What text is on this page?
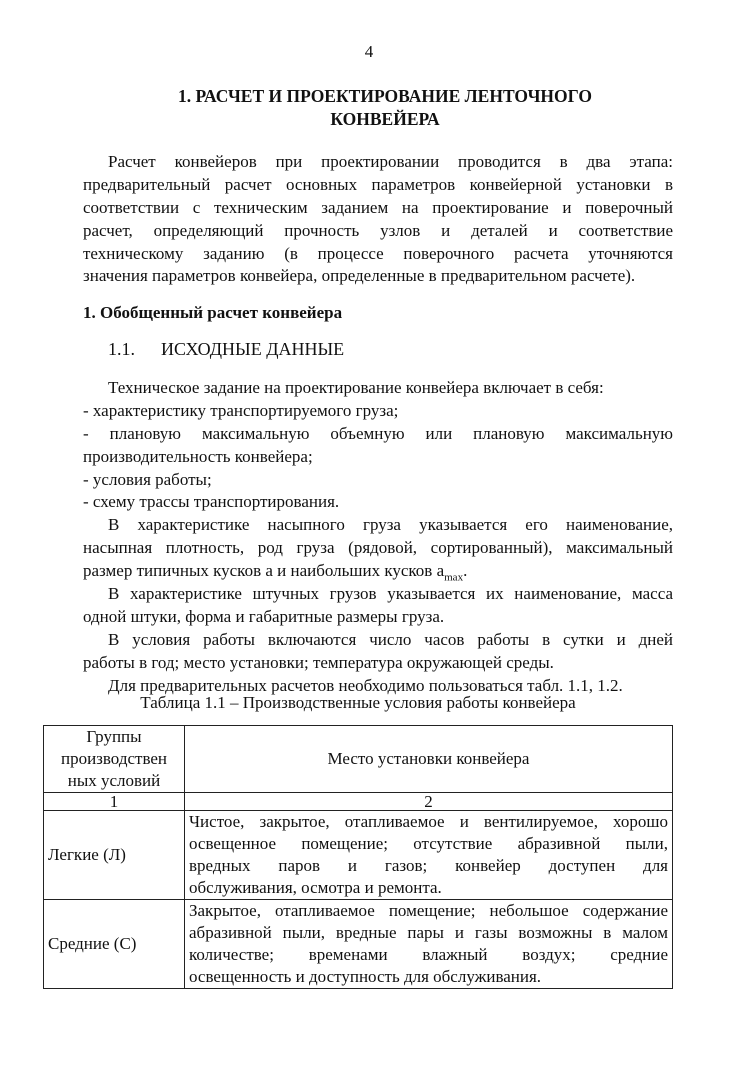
4
1. РАСЧЕТ И ПРОЕКТИРОВАНИЕ ЛЕНТОЧНОГО
КОНВЕЙЕРА
Расчет конвейеров при проектировании проводится в два этапа:
предварительный расчет основных параметров конвейерной установки в
соответствии с техническим заданием на проектирование и поверочный
расчет, определяющий прочность узлов и деталей и соответствие
техническому заданию (в процессе поверочного расчета уточняются
значения параметров конвейера, определенные в предварительном расчете).
1. Обобщенный расчет конвейера
1.1. ИСХОДНЫЕ ДАННЫЕ
Техническое задание на проектирование конвейера включает в себя:
- характеристику транспортируемого груза;
- плановую максимальную объемную или плановую максимальную
производительность конвейера;
- условия работы;
- схему трассы транспортирования.
В характеристике насыпного груза указывается его наименование,
насыпная плотность, род груза (рядовой, сортированный), максимальный
размер типичных кусков a и наибольших кусков $a_{max}$.
В характеристике штучных грузов указывается их наименование, масса
одной штуки, форма и габаритные размеры груза.
В условия работы включаются число часов работы в сутки и дней
работы в год; место установки; температура окружающей среды.
Для предварительных расчетов необходимо пользоваться табл. 1.1, 1.2.
Таблица 1.1 – Производственные условия работы конвейера
Группы
производствен
ных условий	Место установки конвейера
1	2
Легкие (Л)	Чистое, закрытое, отапливаемое и вентилируемое, хорошо
освещенное помещение; отсутствие абразивной пыли,
вредных паров и газов; конвейер доступен для
обслуживания, осмотра и ремонта.

Средние (С)	Закрытое, отапливаемое помещение; небольшое содержание
абразивной пыли, вредные пары и газы возможны в малом
количестве; временами влажный воздух; средние
освещенность и доступность для обслуживания.
